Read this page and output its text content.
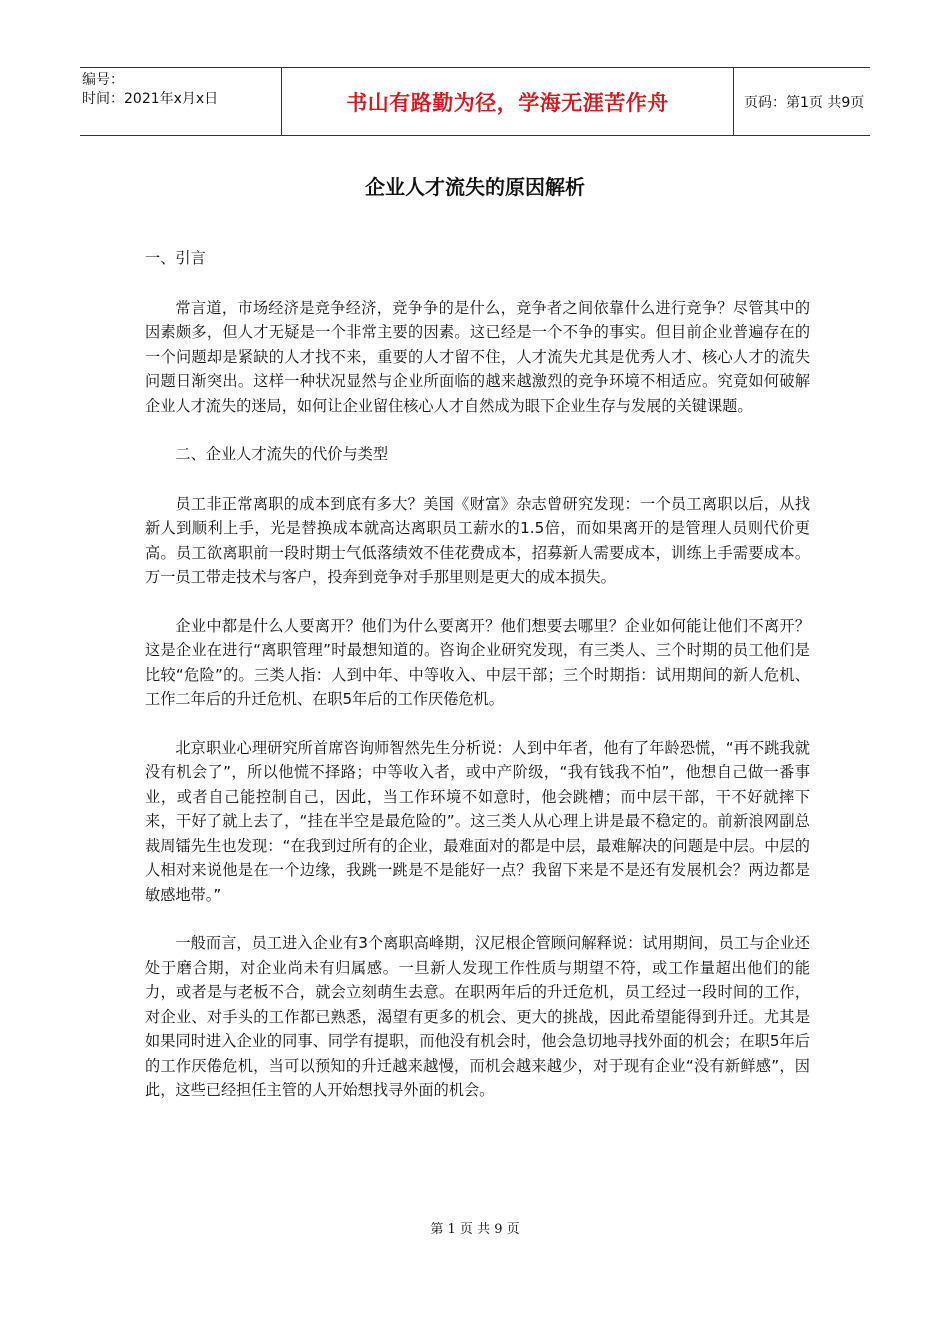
编号：
时间：2021年x月x日	书山有路勤为径，学海无涯苦作舟	页码：第1页 共9页
企业人才流失的原因解析

一、引言

常言道，市场经济是竞争经济，竞争争的是什么，竞争者之间依靠什么进行竞争？尽管其中的因素颇多，但人才无疑是一个非常主要的因素。这已经是一个不争的事实。但目前企业普遍存在的一个问题却是紧缺的人才找不来，重要的人才留不住，人才流失尤其是优秀人才、核心人才的流失问题日渐突出。这样一种状况显然与企业所面临的越来越激烈的竞争环境不相适应。究竟如何破解企业人才流失的迷局，如何让企业留住核心人才自然成为眼下企业生存与发展的关键课题。

二、企业人才流失的代价与类型

员工非正常离职的成本到底有多大？美国《财富》杂志曾研究发现：一个员工离职以后，从找新人到顺利上手，光是替换成本就高达离职员工薪水的1.5倍，而如果离开的是管理人员则代价更高。员工欲离职前一段时期士气低落绩效不佳花费成本，招募新人需要成本，训练上手需要成本。万一员工带走技术与客户，投奔到竞争对手那里则是更大的成本损失。

企业中都是什么人要离开？他们为什么要离开？他们想要去哪里？企业如何能让他们不离开？这是企业在进行“离职管理”时最想知道的。咨询企业研究发现，有三类人、三个时期的员工他们是比较“危险”的。三类人指：人到中年、中等收入、中层干部；三个时期指：试用期间的新人危机、工作二年后的升迁危机、在职5年后的工作厌倦危机。

北京职业心理研究所首席咨询师智然先生分析说：人到中年者，他有了年龄恐慌，“再不跳我就没有机会了”，所以他慌不择路；中等收入者，或中产阶级，“我有钱我不怕”，他想自己做一番事业，或者自己能控制自己，因此，当工作环境不如意时，他会跳槽；而中层干部，干不好就摔下来，干好了就上去了，“挂在半空是最危险的”。这三类人从心理上讲是最不稳定的。前新浪网副总裁周镭先生也发现：“在我到过所有的企业，最难面对的都是中层，最难解决的问题是中层。中层的人相对来说他是在一个边缘，我跳一跳是不是能好一点？我留下来是不是还有发展机会？两边都是敏感地带。”

一般而言，员工进入企业有3个离职高峰期，汉尼根企管顾问解释说：试用期间，员工与企业还处于磨合期，对企业尚未有归属感。一旦新人发现工作性质与期望不符，或工作量超出他们的能力，或者是与老板不合，就会立刻萌生去意。在职两年后的升迁危机，员工经过一段时间的工作，对企业、对手头的工作都已熟悉，渴望有更多的机会、更大的挑战，因此希望能得到升迁。尤其是如果同时进入企业的同事、同学有提职，而他没有机会时，他会急切地寻找外面的机会；在职5年后的工作厌倦危机，当可以预知的升迁越来越慢，而机会越来越少，对于现有企业“没有新鲜感”，因此，这些已经担任主管的人开始想找寻外面的机会。

第 1 页 共 9 页
